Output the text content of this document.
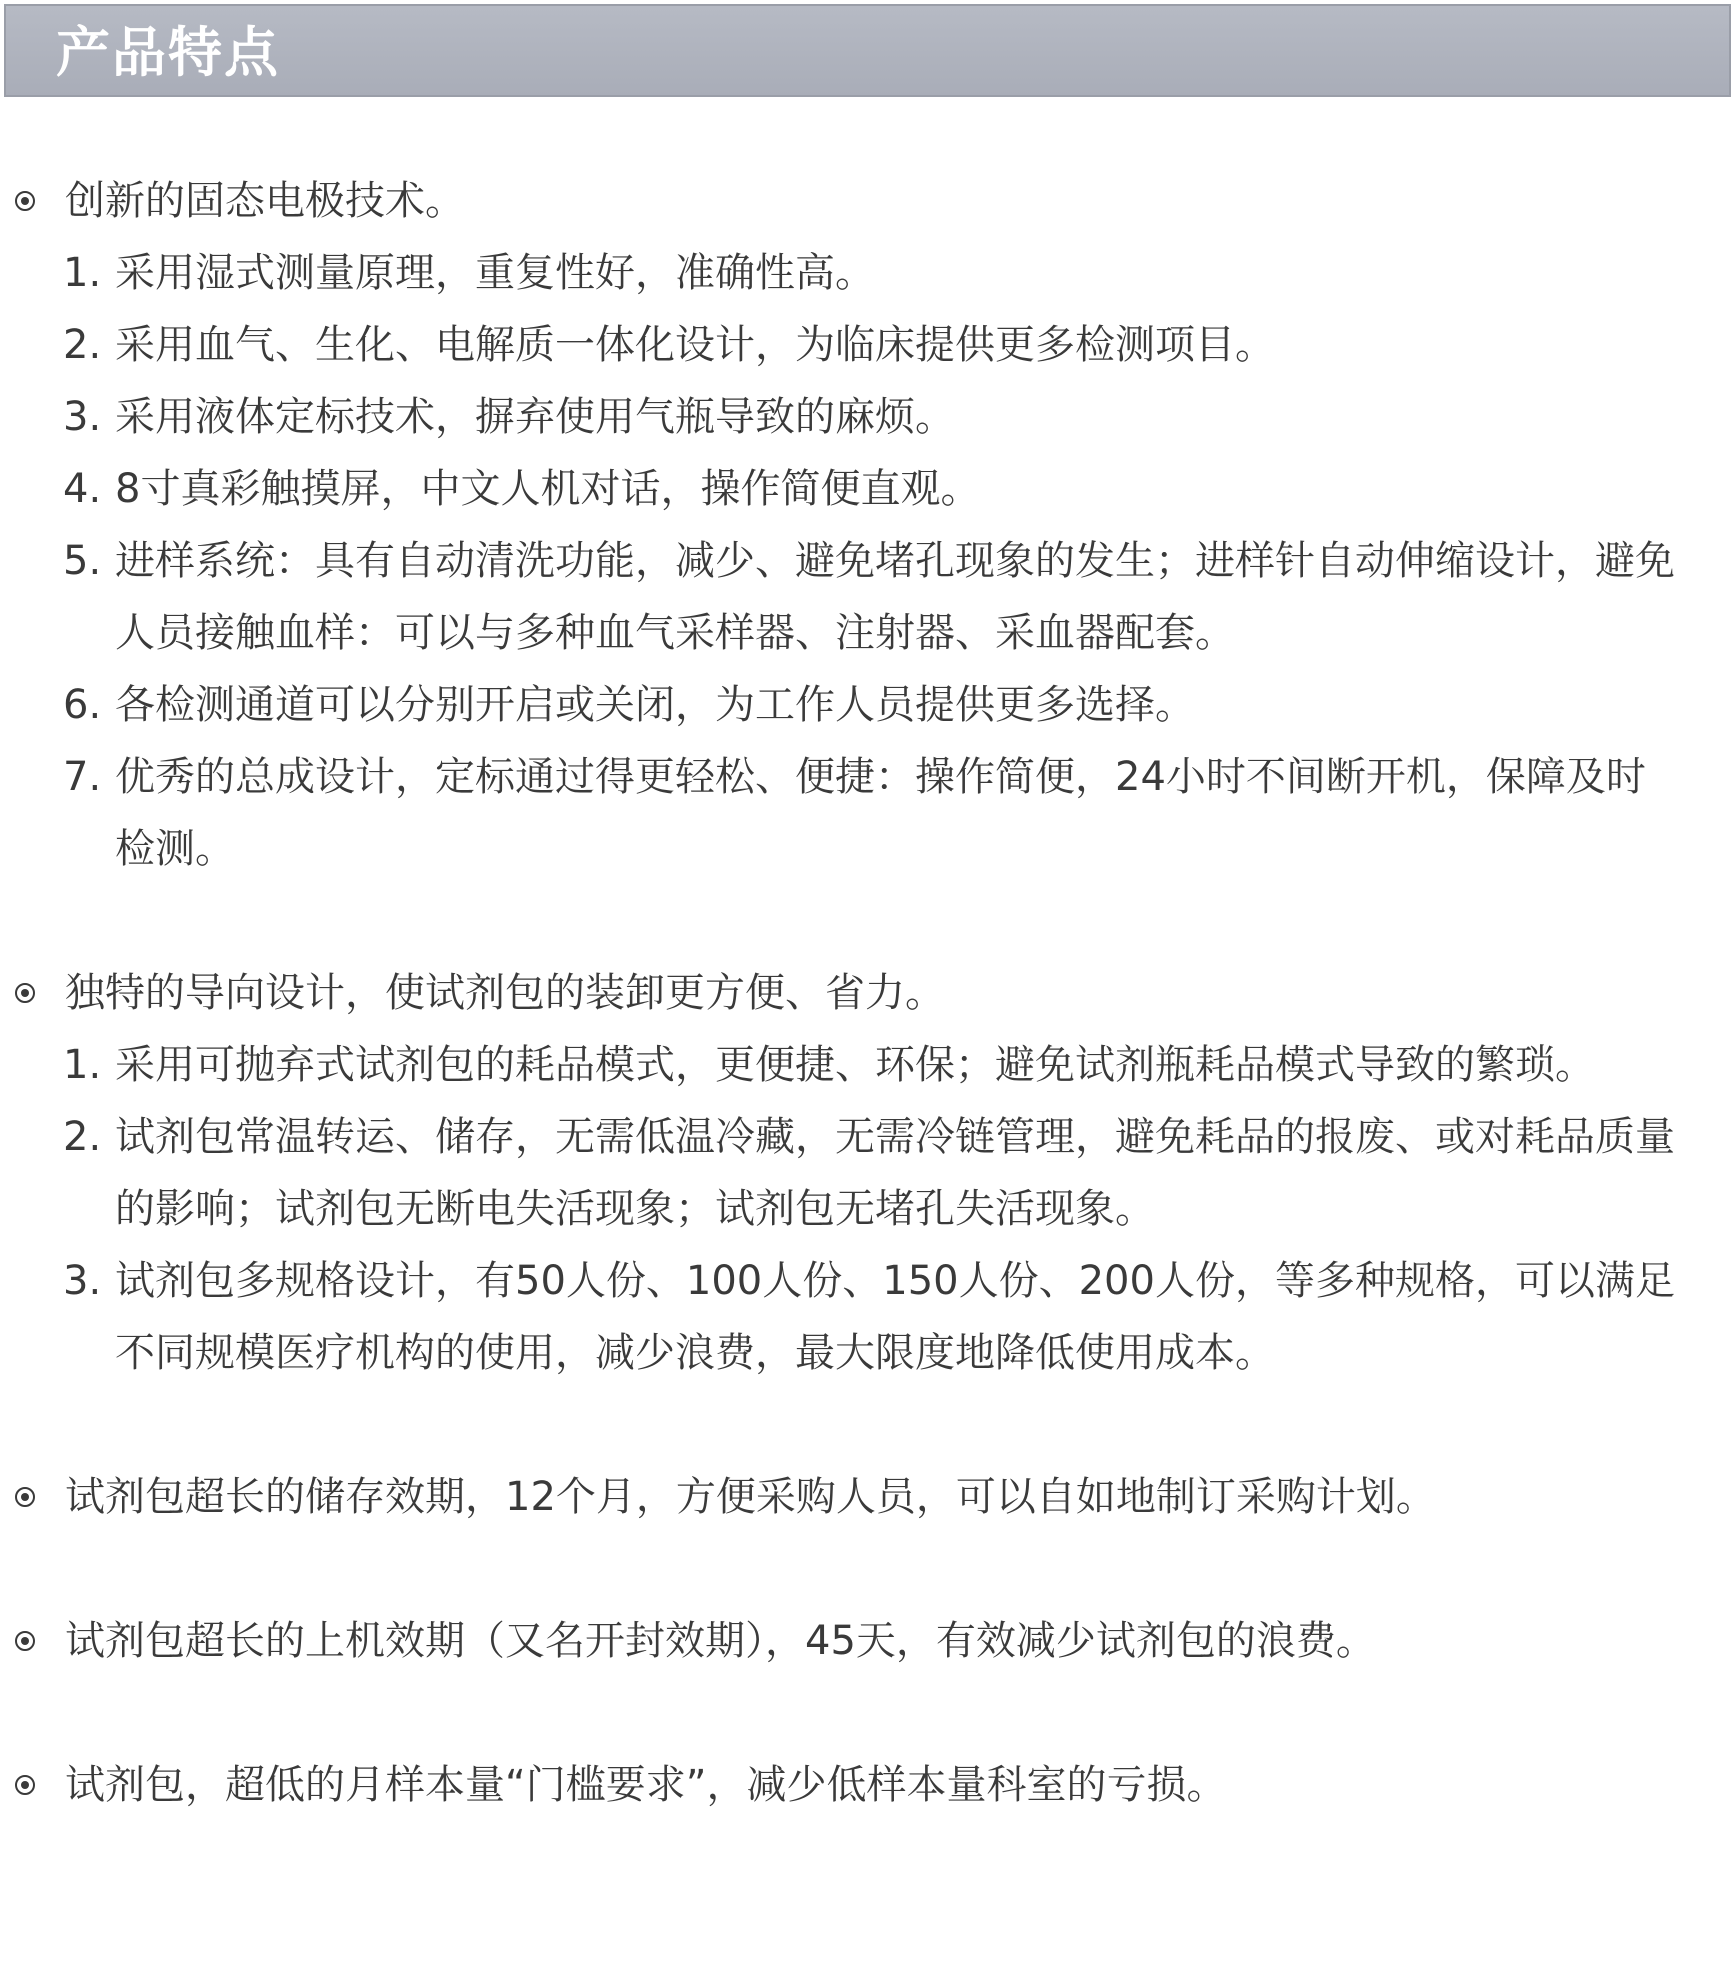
产品特点
创新的固态电极技术。
1. 采用湿式测量原理，重复性好，准确性高。
2. 采用血气、生化、电解质一体化设计，为临床提供更多检测项目。
3. 采用液体定标技术，摒弃使用气瓶导致的麻烦。
4. 8寸真彩触摸屏，中文人机对话，操作简便直观。
5. 进样系统：具有自动清洗功能，减少、避免堵孔现象的发生；进样针自动伸缩设计，避免人员接触血样：可以与多种血气采样器、注射器、采血器配套。
6. 各检测通道可以分别开启或关闭，为工作人员提供更多选择。
7. 优秀的总成设计，定标通过得更轻松、便捷：操作简便，24小时不间断开机，保障及时检测。
独特的导向设计，使试剂包的装卸更方便、省力。
1. 采用可抛弃式试剂包的耗品模式，更便捷、环保；避免试剂瓶耗品模式导致的繁琐。
2. 试剂包常温转运、储存，无需低温冷藏，无需冷链管理，避免耗品的报废、或对耗品质量的影响；试剂包无断电失活现象；试剂包无堵孔失活现象。
3. 试剂包多规格设计，有50人份、100人份、150人份、200人份，等多种规格，可以满足不同规模医疗机构的使用，减少浪费，最大限度地降低使用成本。
试剂包超长的储存效期，12个月，方便采购人员，可以自如地制订采购计划。
试剂包超长的上机效期（又名开封效期），45天，有效减少试剂包的浪费。
试剂包，超低的月样本量“门槛要求”，减少低样本量科室的亏损。
